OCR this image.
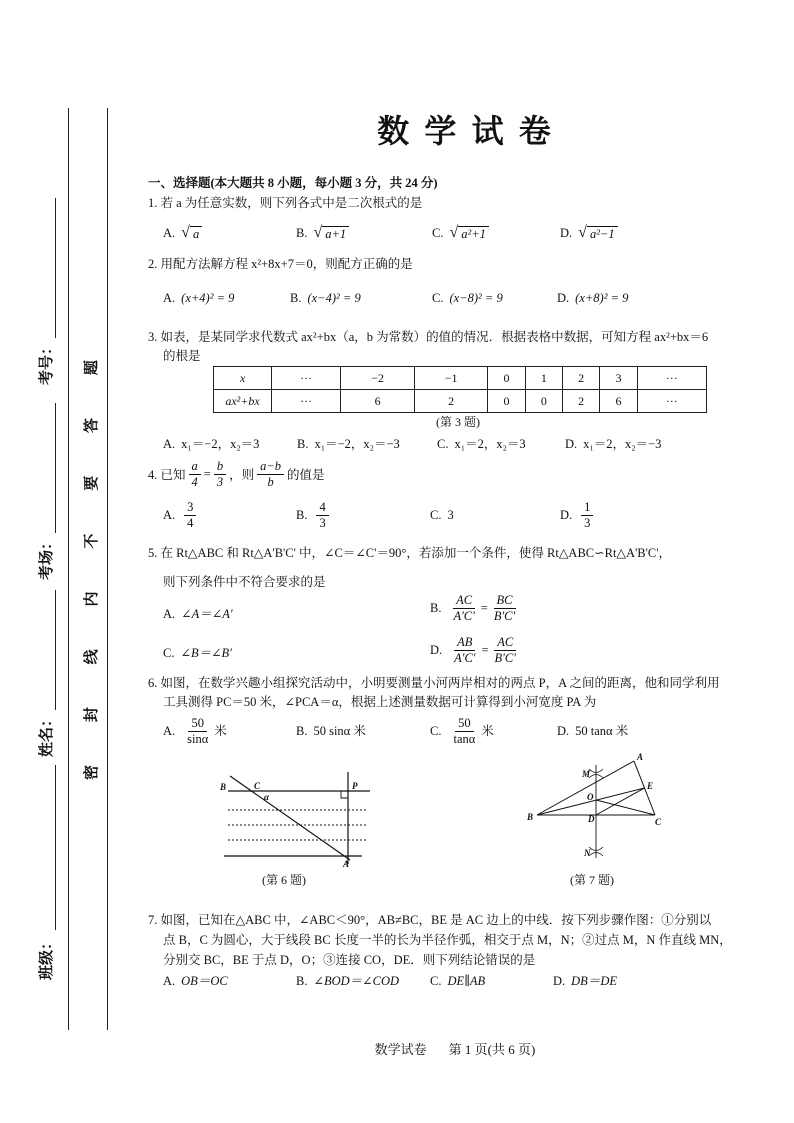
班级：
姓名：
考场：
考号：
密
封
线
内
不
要
答
题
数 学 试 卷
一、选择题(本大题共 8 小题，每小题 3 分，共 24 分)
1. 若 a 为任意实数，则下列各式中是二次根式的是
A. √ a	B. √ a+1	C. √ a²+1	D. √ a²−1
2. 用配方法解方程 x²+8x+7＝0，则配方正确的是
A. (x+4)² = 9	B. (x−4)² = 9	C. (x−8)² = 9	D. (x+8)² = 9
3. 如表，是某同学求代数式 ax²+bx（a，b 为常数）的值的情况．根据表格中数据，可知方程 ax²+bx＝6
的根是
x	···	−2	−1	0	1	2	3	···
ax²+bx	···	6	2	0	0	2	6	···
(第 3 题)
A. x₁＝−2，x₂＝3	B. x₁＝−2，x₂＝−3	C. x₁＝2，x₂＝3	D. x₁＝2，x₂＝−3
4. 已知 $\frac{a}{4} = \frac{b}{3}$ ，则 $\frac{a-b}{b}$ 的值是
A. $\frac{3}{4}$	B. $\frac{4}{3}$	C. 3	D. $\frac{1}{3}$
5. 在 Rt△ABC 和 Rt△A'B'C' 中，∠C＝∠C'＝90°，若添加一个条件，使得 Rt△ABC∽Rt△A'B'C'，
则下列条件中不符合要求的是
A. ∠A＝∠A'	B. $\frac{AC}{A'C'} = \frac{BC}{B'C'}$
C. ∠B＝∠B'	D. $\frac{AB}{A'C'} = \frac{AC}{B'C'}$
6. 如图，在数学兴趣小组探究活动中，小明要测量小河两岸相对的两点 P，A 之间的距离，他和同学利用
工具测得 PC＝50 米，∠PCA＝α，根据上述测量数据可计算得到小河宽度 PA 为
A. $\frac{50}{\sin\alpha}$ 米	B. 50 sinα 米	C. $\frac{50}{\tan\alpha}$ 米	D. 50 tanα 米
B	C	P
A
α
A
B	C
D
E
M
N
O
(第 6 题)	(第 7 题)
7. 如图，已知在△ABC 中，∠ABC＜90°，AB≠BC，BE 是 AC 边上的中线．按下列步骤作图：①分别以
点 B，C 为圆心，大于线段 BC 长度一半的长为半径作弧，相交于点 M，N；②过点 M，N 作直线 MN，
分别交 BC，BE 于点 D，O；③连接 CO，DE．则下列结论错误的是
A. OB＝OC	B. ∠BOD＝∠COD C. DE∥AB	D. DB＝DE
数学试卷 第 1 页(共 6 页)
